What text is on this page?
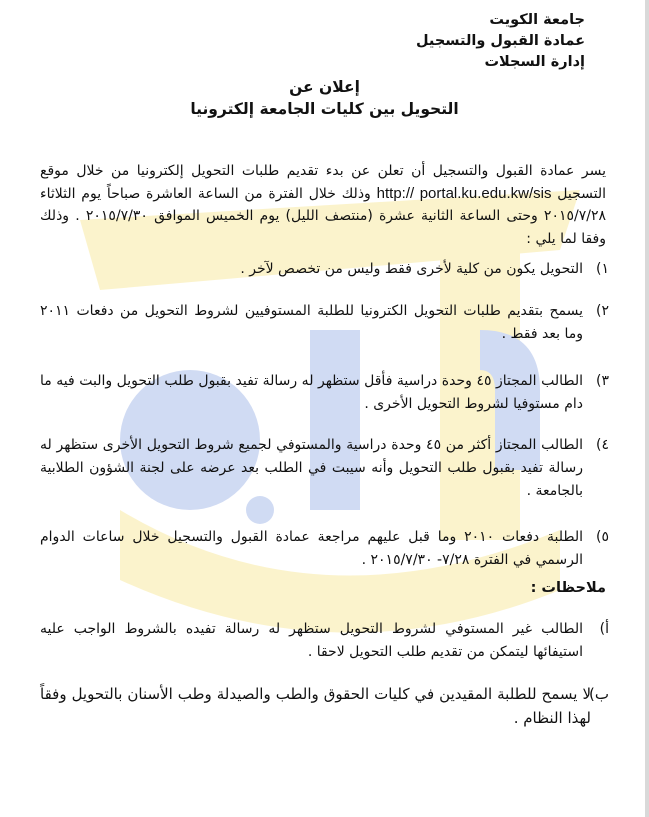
جامعة الكويت
عمادة القبول والتسجيل
إدارة السجلات
إعلان عن
التحويل بين كليات الجامعة إلكترونيا

يسر عمادة القبول والتسجيل أن تعلن عن بدء تقديم طلبات التحويل إلكترونيا من خلال موقع التسجيل http:// portal.ku.edu.kw/sis وذلك خلال الفترة من الساعة العاشرة صباحاً يوم الثلاثاء ٢٠١٥/٧/٢٨ وحتى الساعة الثانية عشرة (منتصف الليل) يوم الخميس الموافق ٢٠١٥/٧/٣٠ . وذلك وفقا لما يلي :

١)
التحويل يكون من كلية لأخرى فقط وليس من تخصص لآخر .
٢)
يسمح بتقديم طلبات التحويل الكترونيا للطلبة المستوفيين لشروط التحويل من دفعات ٢٠١١ وما بعد فقط .
٣)
الطالب المجتاز ٤٥ وحدة دراسية فأقل ستظهر له رسالة تفيد بقبول طلب التحويل والبت فيه ما دام مستوفيا لشروط التحويل الأخرى .
٤)
الطالب المجتاز أكثر من ٤٥ وحدة دراسية والمستوفي لجميع شروط التحويل الأخرى ستظهر له رسالة تفيد بقبول طلب التحويل وأنه سيبت في الطلب بعد عرضه على لجنة الشؤون الطلابية بالجامعة .
٥)
الطلبة دفعات ٢٠١٠ وما قبل عليهم مراجعة عمادة القبول والتسجيل خلال ساعات الدوام الرسمي في الفترة ٧/٢٨- ٢٠١٥/٧/٣٠ .
ملاحظات :
أ)
الطالب غير المستوفي لشروط التحويل ستظهر له رسالة تفيده بالشروط الواجب عليه استيفائها ليتمكن من تقديم طلب التحويل لاحقا .
ب)
لا يسمح للطلبة المقيدين في كليات الحقوق والطب والصيدلة وطب الأسنان بالتحويل وفقاً لهذا النظام .
